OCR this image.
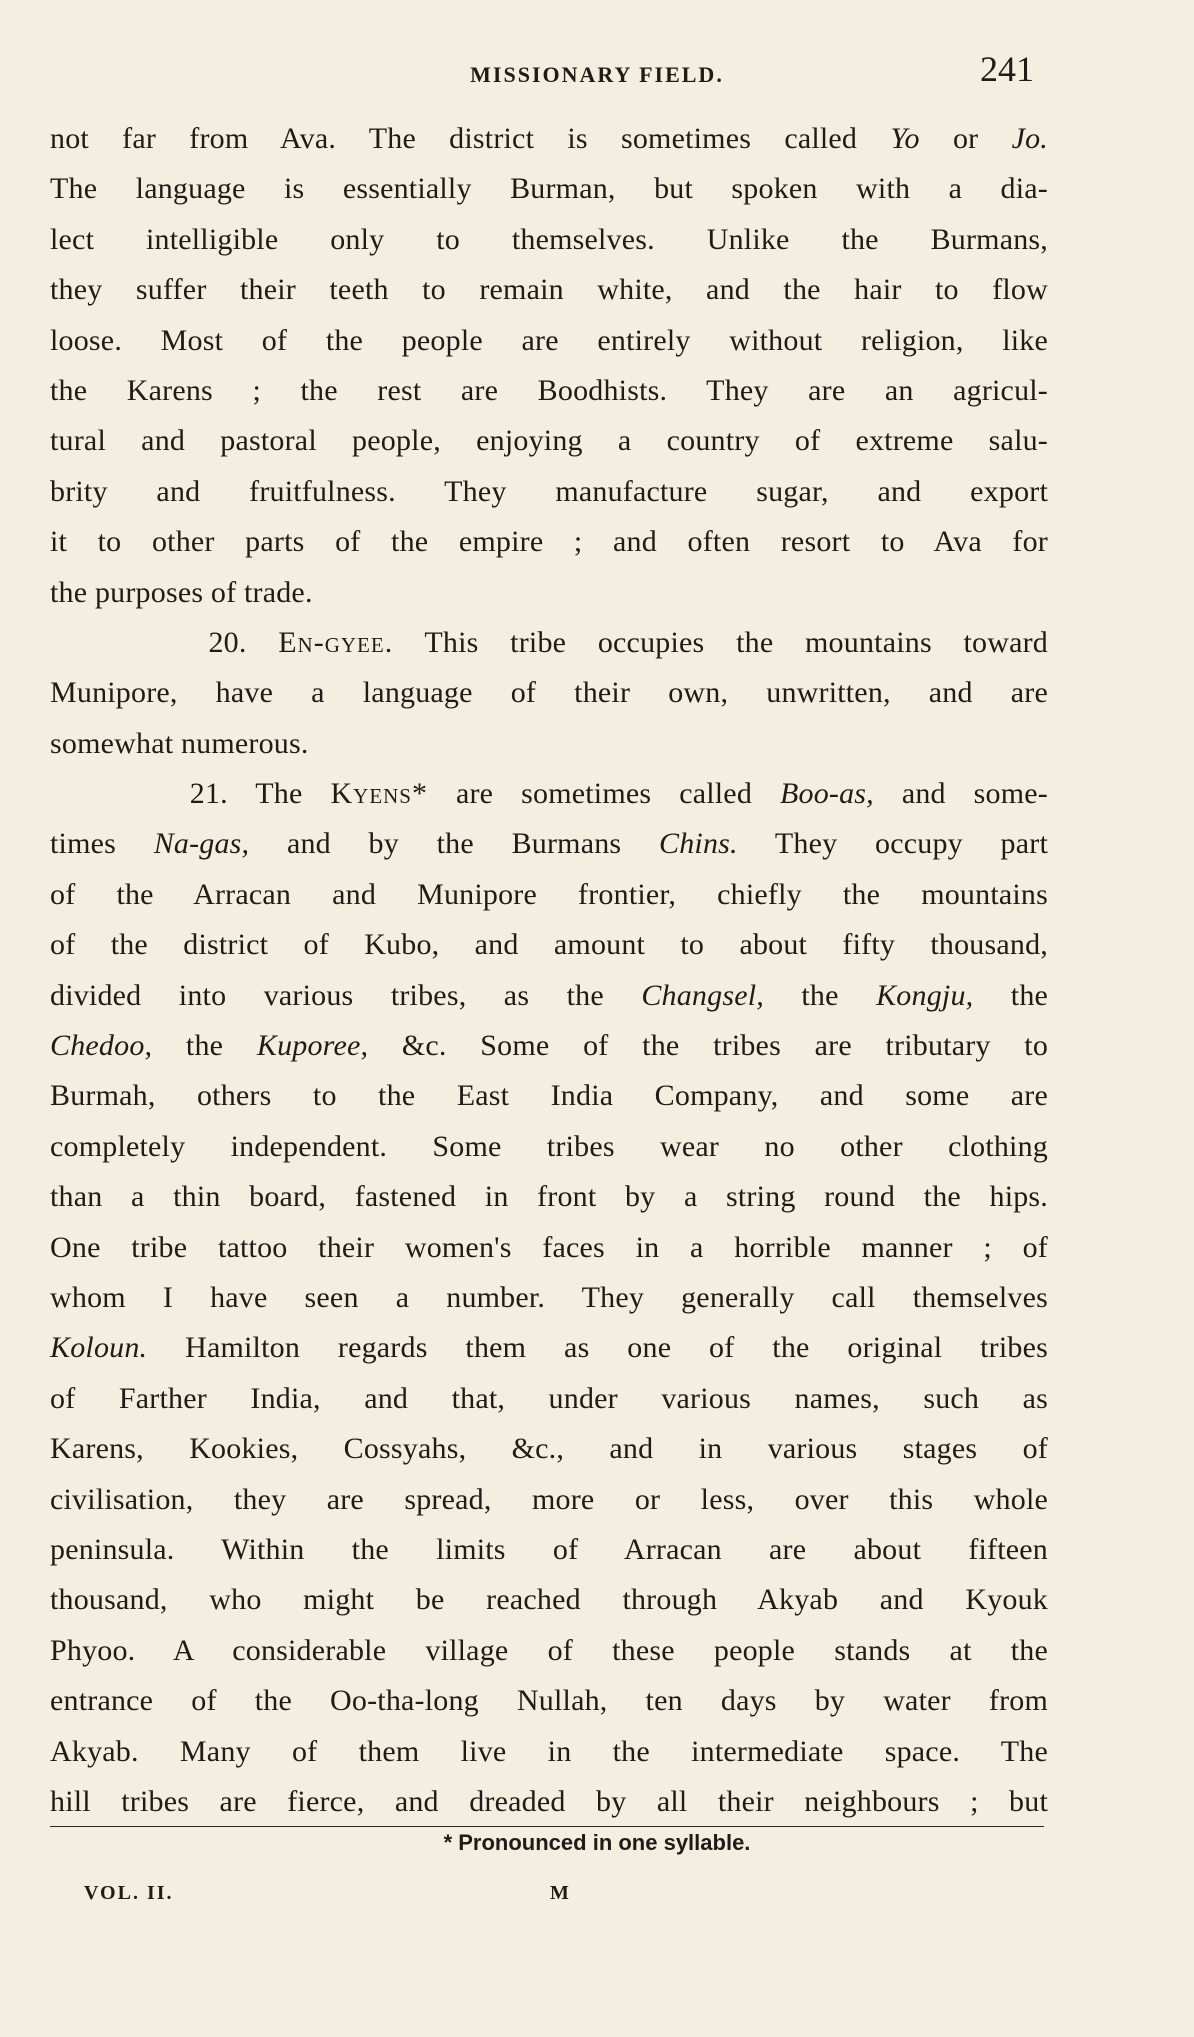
MISSIONARY FIELD.	241
not far from Ava. The district is sometimes called Yo or Jo.
The language is essentially Burman, but spoken with a dia-
lect intelligible only to themselves. Unlike the Burmans,
they suffer their teeth to remain white, and the hair to flow
loose. Most of the people are entirely without religion, like
the Karens ; the rest are Boodhists. They are an agricul-
tural and pastoral people, enjoying a country of extreme salu-
brity and fruitfulness. They manufacture sugar, and export
it to other parts of the empire ; and often resort to Ava for
the purposes of trade.
20. En-gyee. This tribe occupies the mountains toward
Munipore, have a language of their own, unwritten, and are
somewhat numerous.
21. The Kyens* are sometimes called Boo-as, and some-
times Na-gas, and by the Burmans Chins. They occupy part
of the Arracan and Munipore frontier, chiefly the mountains
of the district of Kubo, and amount to about fifty thousand,
divided into various tribes, as the Changsel, the Kongju, the
Chedoo, the Kuporee, &c. Some of the tribes are tributary to
Burmah, others to the East India Company, and some are
completely independent. Some tribes wear no other clothing
than a thin board, fastened in front by a string round the hips.
One tribe tattoo their women's faces in a horrible manner ; of
whom I have seen a number. They generally call themselves
Koloun. Hamilton regards them as one of the original tribes
of Farther India, and that, under various names, such as
Karens, Kookies, Cossyahs, &c., and in various stages of
civilisation, they are spread, more or less, over this whole
peninsula. Within the limits of Arracan are about fifteen
thousand, who might be reached through Akyab and Kyouk
Phyoo. A considerable village of these people stands at the
entrance of the Oo-tha-long Nullah, ten days by water from
Akyab. Many of them live in the intermediate space. The
hill tribes are fierce, and dreaded by all their neighbours ; but
* Pronounced in one syllable.
VOL. II.	M
